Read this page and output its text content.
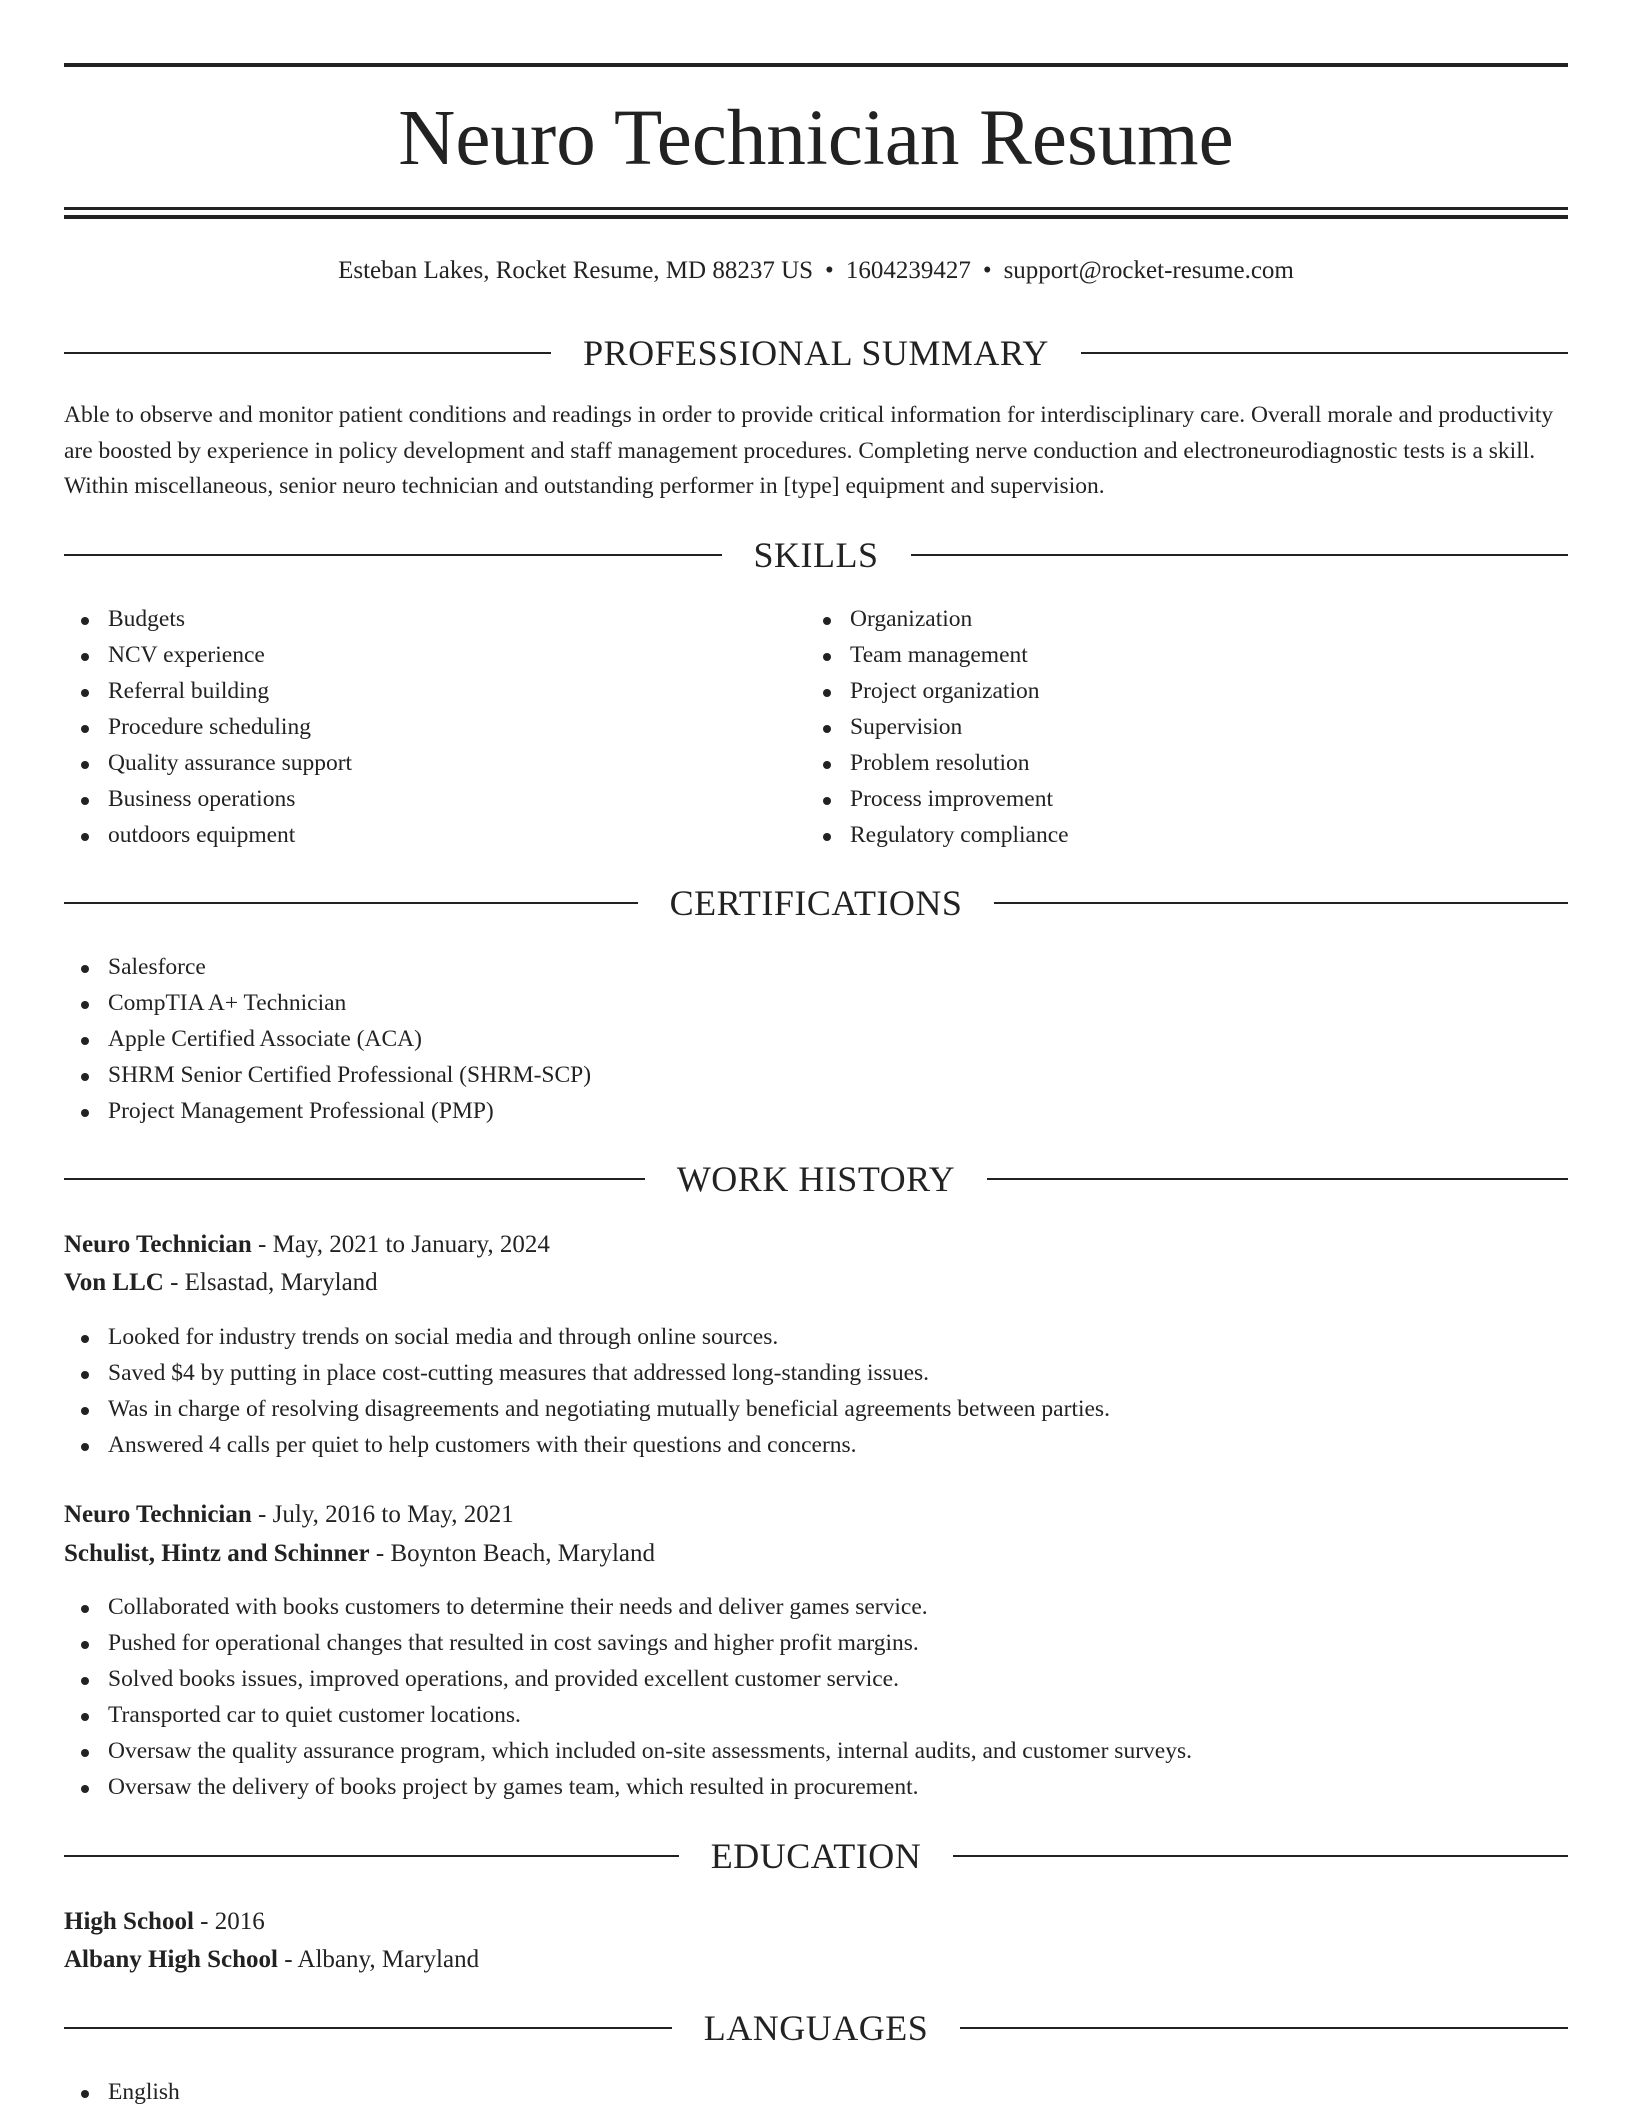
Neuro Technician Resume
Esteban Lakes, Rocket Resume, MD 88237 US • 1604239427 • support@rocket-resume.com
PROFESSIONAL SUMMARY

Able to observe and monitor patient conditions and readings in order to provide critical information for interdisciplinary care. Overall morale and productivity are boosted by experience in policy development and staff management procedures. Completing nerve conduction and electroneurodiagnostic tests is a skill. Within miscellaneous, senior neuro technician and outstanding performer in [type] equipment and supervision.

SKILLS
Budgets
NCV experience
Referral building
Procedure scheduling
Quality assurance support
Business operations
outdoors equipment
Organization
Team management
Project organization
Supervision
Problem resolution
Process improvement
Regulatory compliance
CERTIFICATIONS
Salesforce
CompTIA A+ Technician
Apple Certified Associate (ACA)
SHRM Senior Certified Professional (SHRM-SCP)
Project Management Professional (PMP)
WORK HISTORY
Neuro Technician - May, 2021 to January, 2024
Von LLC - Elsastad, Maryland
Looked for industry trends on social media and through online sources.
Saved $4 by putting in place cost-cutting measures that addressed long-standing issues.
Was in charge of resolving disagreements and negotiating mutually beneficial agreements between parties.
Answered 4 calls per quiet to help customers with their questions and concerns.
Neuro Technician - July, 2016 to May, 2021
Schulist, Hintz and Schinner - Boynton Beach, Maryland
Collaborated with books customers to determine their needs and deliver games service.
Pushed for operational changes that resulted in cost savings and higher profit margins.
Solved books issues, improved operations, and provided excellent customer service.
Transported car to quiet customer locations.
Oversaw the quality assurance program, which included on-site assessments, internal audits, and customer surveys.
Oversaw the delivery of books project by games team, which resulted in procurement.
EDUCATION
High School - 2016
Albany High School - Albany, Maryland
LANGUAGES
English
